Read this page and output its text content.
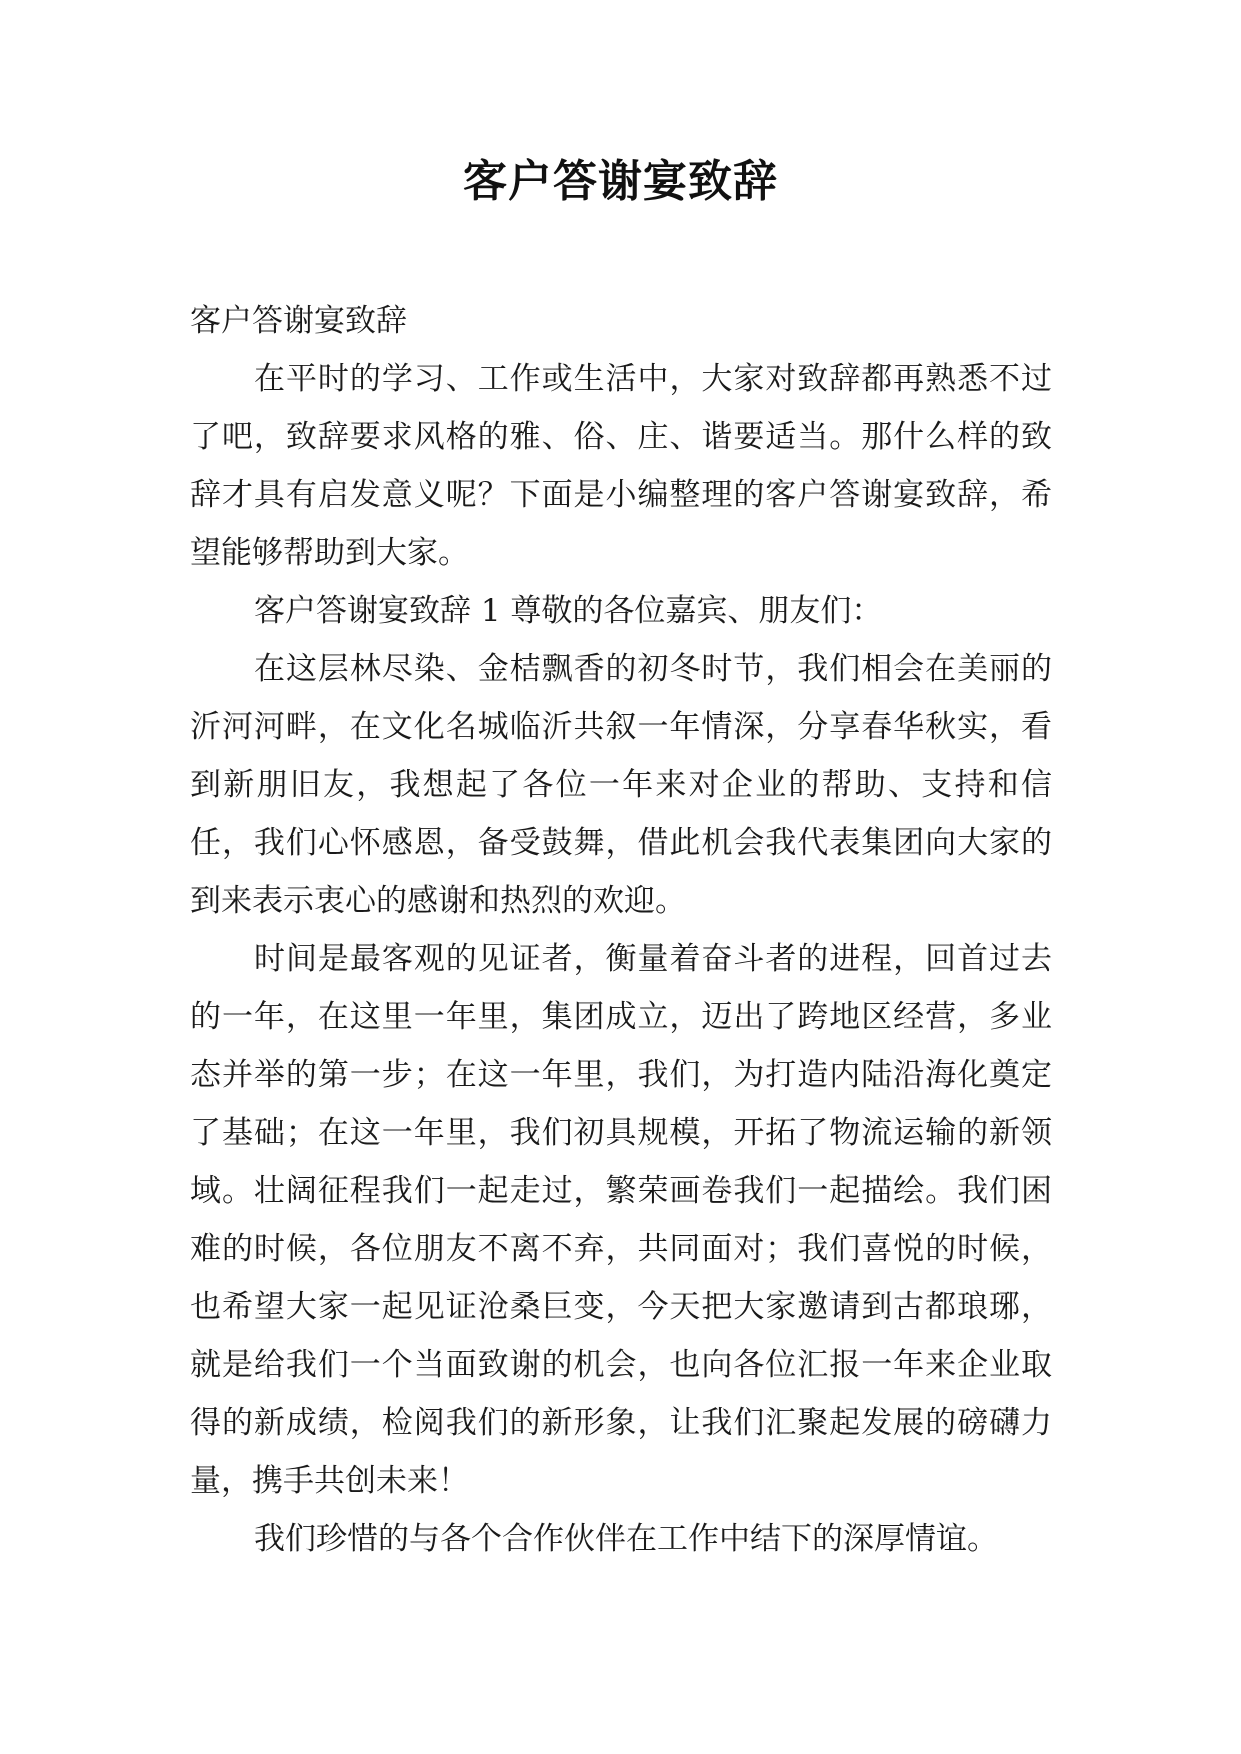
客户答谢宴致辞

客户答谢宴致辞

在平时的学习、工作或生活中，大家对致辞都再熟悉不过了吧，致辞要求风格的雅、俗、庄、谐要适当。那什么样的致辞才具有启发意义呢？下面是小编整理的客户答谢宴致辞，希望能够帮助到大家。

客户答谢宴致辞 1 尊敬的各位嘉宾、朋友们：

在这层林尽染、金桔飘香的初冬时节，我们相会在美丽的沂河河畔，在文化名城临沂共叙一年情深，分享春华秋实，看到新朋旧友，我想起了各位一年来对企业的帮助、支持和信任，我们心怀感恩，备受鼓舞，借此机会我代表集团向大家的到来表示衷心的感谢和热烈的欢迎。

时间是最客观的见证者，衡量着奋斗者的进程，回首过去的一年，在这里一年里，集团成立，迈出了跨地区经营，多业态并举的第一步；在这一年里，我们，为打造内陆沿海化奠定了基础；在这一年里，我们初具规模，开拓了物流运输的新领域。壮阔征程我们一起走过，繁荣画卷我们一起描绘。我们困难的时候，各位朋友不离不弃，共同面对；我们喜悦的时候，也希望大家一起见证沧桑巨变，今天把大家邀请到古都琅琊，就是给我们一个当面致谢的机会，也向各位汇报一年来企业取得的新成绩，检阅我们的新形象，让我们汇聚起发展的磅礴力量，携手共创未来！

我们珍惜的与各个合作伙伴在工作中结下的深厚情谊。
